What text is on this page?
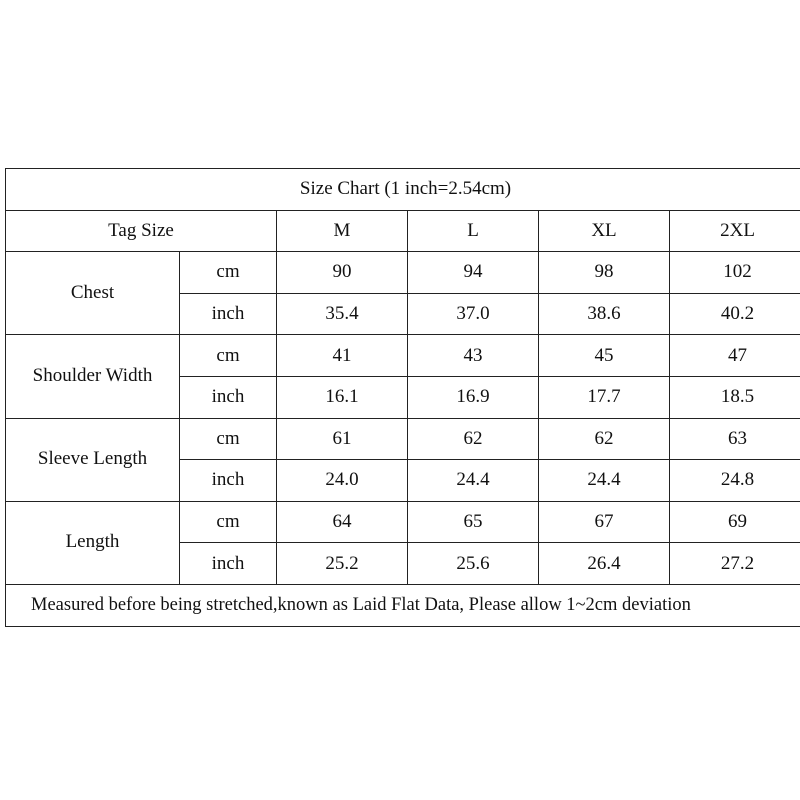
Size Chart (1 inch=2.54cm)					
Tag Size		M	L	XL	2XL
Chest	cm	90	94	98	102
	inch	35.4	37.0	38.6	40.2
Shoulder Width	cm	41	43	45	47
	inch	16.1	16.9	17.7	18.5
Sleeve Length	cm	61	62	62	63
	inch	24.0	24.4	24.4	24.8
Length	cm	64	65	67	69
	inch	25.2	25.6	26.4	27.2
Measured before being stretched,known as Laid Flat Data, Please allow 1~2cm deviation					
